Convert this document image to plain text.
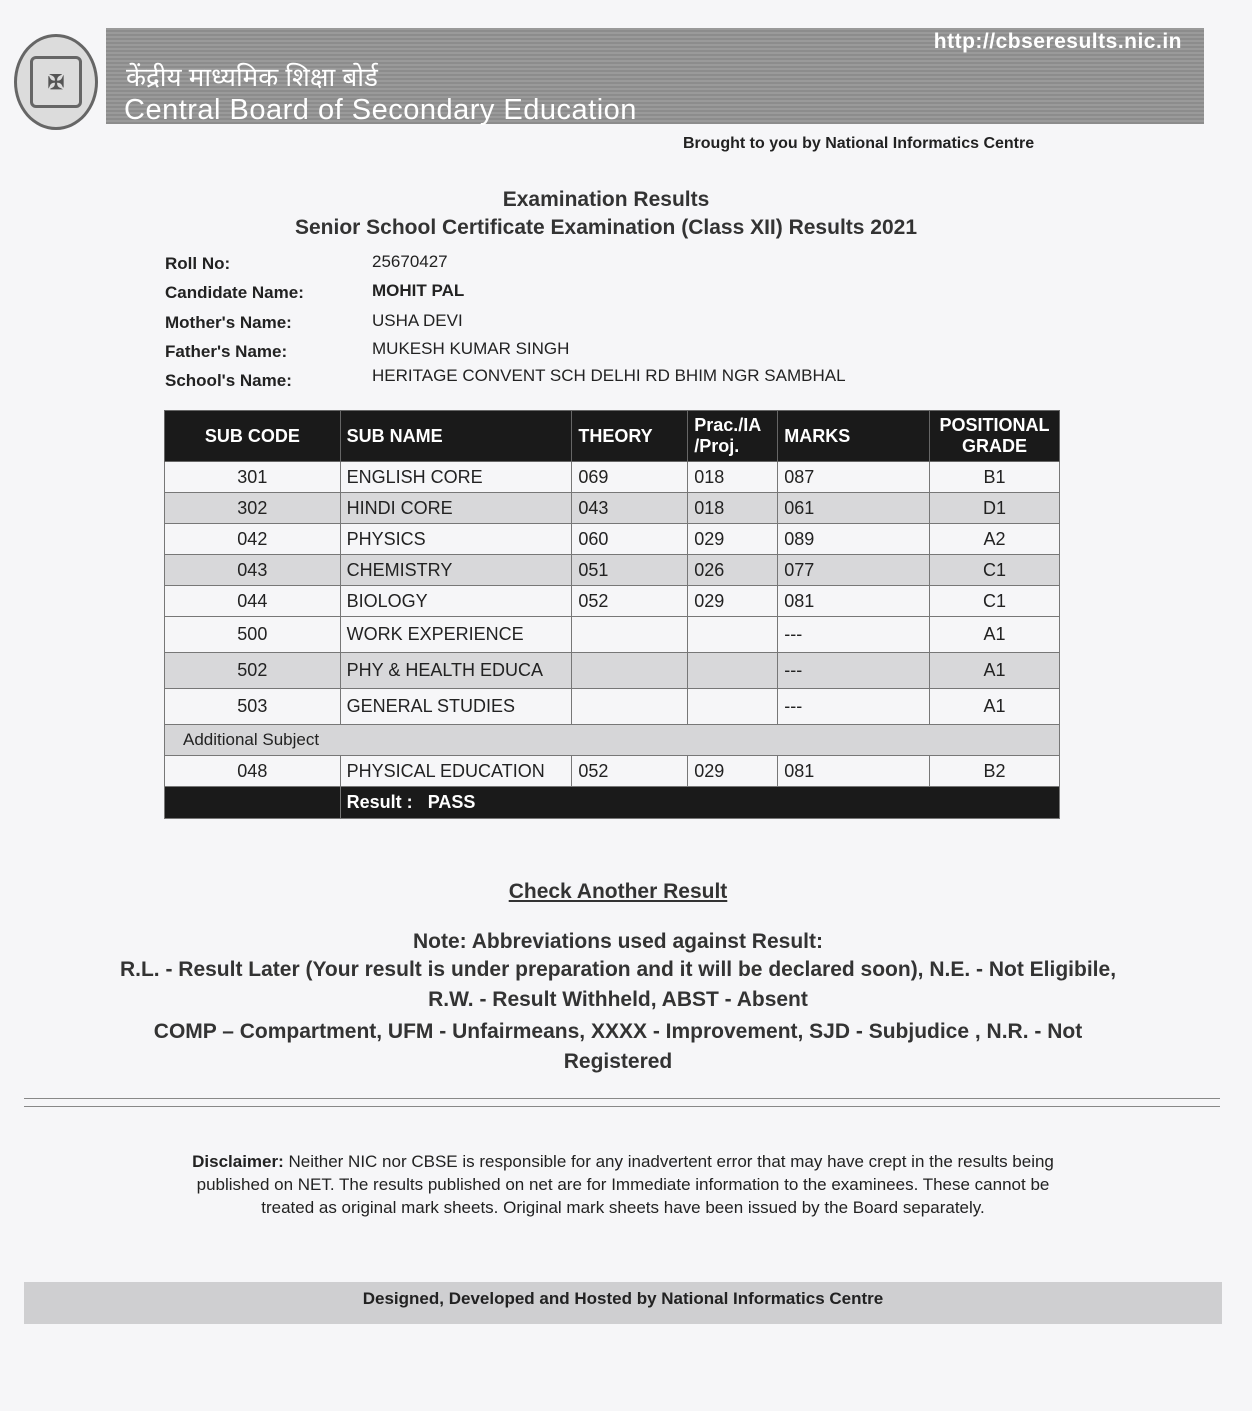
✠
http://cbseresults.nic.in
केंद्रीय माध्यमिक शिक्षा बोर्ड
Central Board of Secondary Education
Brought to you by National Informatics Centre
Examination Results
Senior School Certificate Examination (Class XII) Results 2021
Roll No:	25670427
Candidate Name:	MOHIT PAL
Mother's Name:	USHA DEVI
Father's Name:	MUKESH KUMAR SINGH
School's Name:	HERITAGE CONVENT SCH DELHI RD BHIM NGR SAMBHAL
SUB CODE	SUB NAME	THEORY	Prac./IA /Proj.	MARKS	POSITIONAL GRADE
301	ENGLISH CORE	069	018	087	B1
302	HINDI CORE	043	018	061	D1
042	PHYSICS	060	029	089	A2
043	CHEMISTRY	051	026	077	C1
044	BIOLOGY	052	029	081	C1
500	WORK EXPERIENCE			---	A1
502	PHY & HEALTH EDUCA			---	A1
503	GENERAL STUDIES			---	A1
Additional Subject					
048	PHYSICAL EDUCATION	052	029	081	B2
	Result : PASS				
Check Another Result
Note: Abbreviations used against Result:
R.L. - Result Later (Your result is under preparation and it will be declared soon), N.E. - Not Eligibile,
R.W. - Result Withheld, ABST - Absent
COMP – Compartment, UFM - Unfairmeans, XXXX - Improvement, SJD - Subjudice , N.R. - Not
Registered
Disclaimer: Neither NIC nor CBSE is responsible for any inadvertent error that may have crept in the results being published on NET. The results published on net are for Immediate information to the examinees. These cannot be treated as original mark sheets. Original mark sheets have been issued by the Board separately.
Designed, Developed and Hosted by National Informatics Centre
